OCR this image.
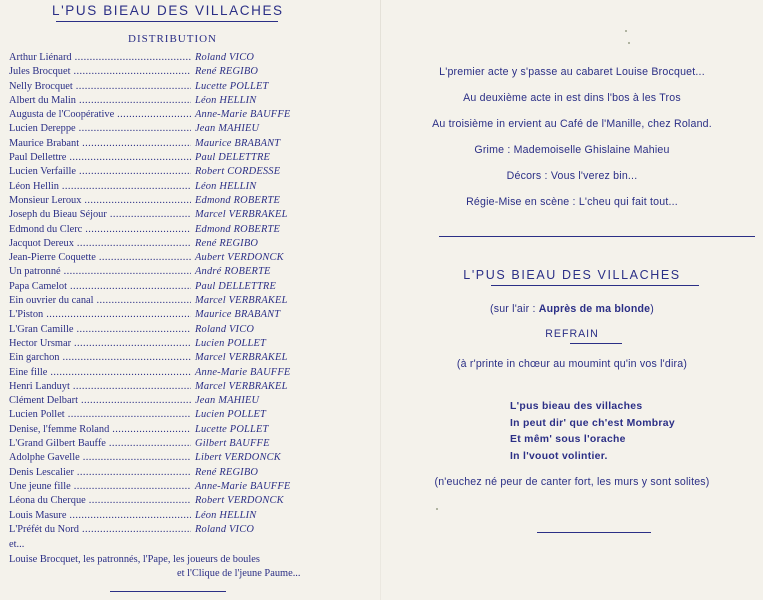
L'PUS BIEAU DES VILLACHES
DISTRIBUTION
Arthur Liénard .....	Roland VICO
Jules Brocquet .....	René REGIBO
Nelly Brocquet .....	Lucette POLLET
Albert du Malin .....	Léon HELLIN
Augusta de l'Coopérative .....	Anne-Marie BAUFFE
Lucien Dereppe .....	Jean MAHIEU
Maurice Brabant .....	Maurice BRABANT
Paul Dellettre .....	Paul DELETTRE
Lucien Verfaille .....	Robert CORDESSE
Léon Hellin .....	Léon HELLIN
Monsieur Leroux .....	Edmond ROBERTE
Joseph du Bieau Séjour .....	Marcel VERBRAKEL
Edmond du Clerc .....	Edmond ROBERTE
Jacquot Dereux .....	René REGIBO
Jean-Pierre Coquette .....	Aubert VERDONCK
Un patronné .....	André ROBERTE
Papa Camelot .....	Paul DELLETTRE
Ein ouvrier du canal .....	Marcel VERBRAKEL
L'Piston .....	Maurice BRABANT
L'Gran Camille .....	Roland VICO
Hector Ursmar .....	Lucien POLLET
Ein garchon .....	Marcel VERBRAKEL
Eine fille .....	Anne-Marie BAUFFE
Henri Landuyt .....	Marcel VERBRAKEL
Clément Delbart .....	Jean MAHIEU
Lucien Pollet .....	Lucien POLLET
Denise, l'femme Roland .....	Lucette POLLET
L'Grand Gilbert Bauffe .....	Gilbert BAUFFE
Adolphe Gavelle .....	Libert VERDONCK
Denis Lescalier .....	René REGIBO
Une jeune fille .....	Anne-Marie BAUFFE
Léona du Cherque .....	Robert VERDONCK
Louis Masure .....	Léon HELLIN
L'Préfét du Nord .....	Roland VICO
et...
Louise Brocquet, les patronnés, l'Pape, les joueurs de boules
et l'Clique de l'jeune Paume...
L'premier acte y s'passe au cabaret Louise Brocquet...
Au deuxième acte in est dins l'bos à les Tros
Au troisième in ervient au Café de l'Manille, chez Roland.
Grime : Mademoiselle Ghislaine Mahieu
Décors : Vous l'verez bin...
Régie-Mise en scène : L'cheu qui fait tout...
L'PUS BIEAU DES VILLACHES
(sur l'air : Auprès de ma blonde)
REFRAIN
(à r'printe in chœur au moumint qu'in vos l'dira)
L'pus bieau des villaches
In peut dir' que ch'est Mombray
Et mêm' sous l'orache
In l'vouot volintier.
(n'euchez né peur de canter fort, les murs y sont solites)
